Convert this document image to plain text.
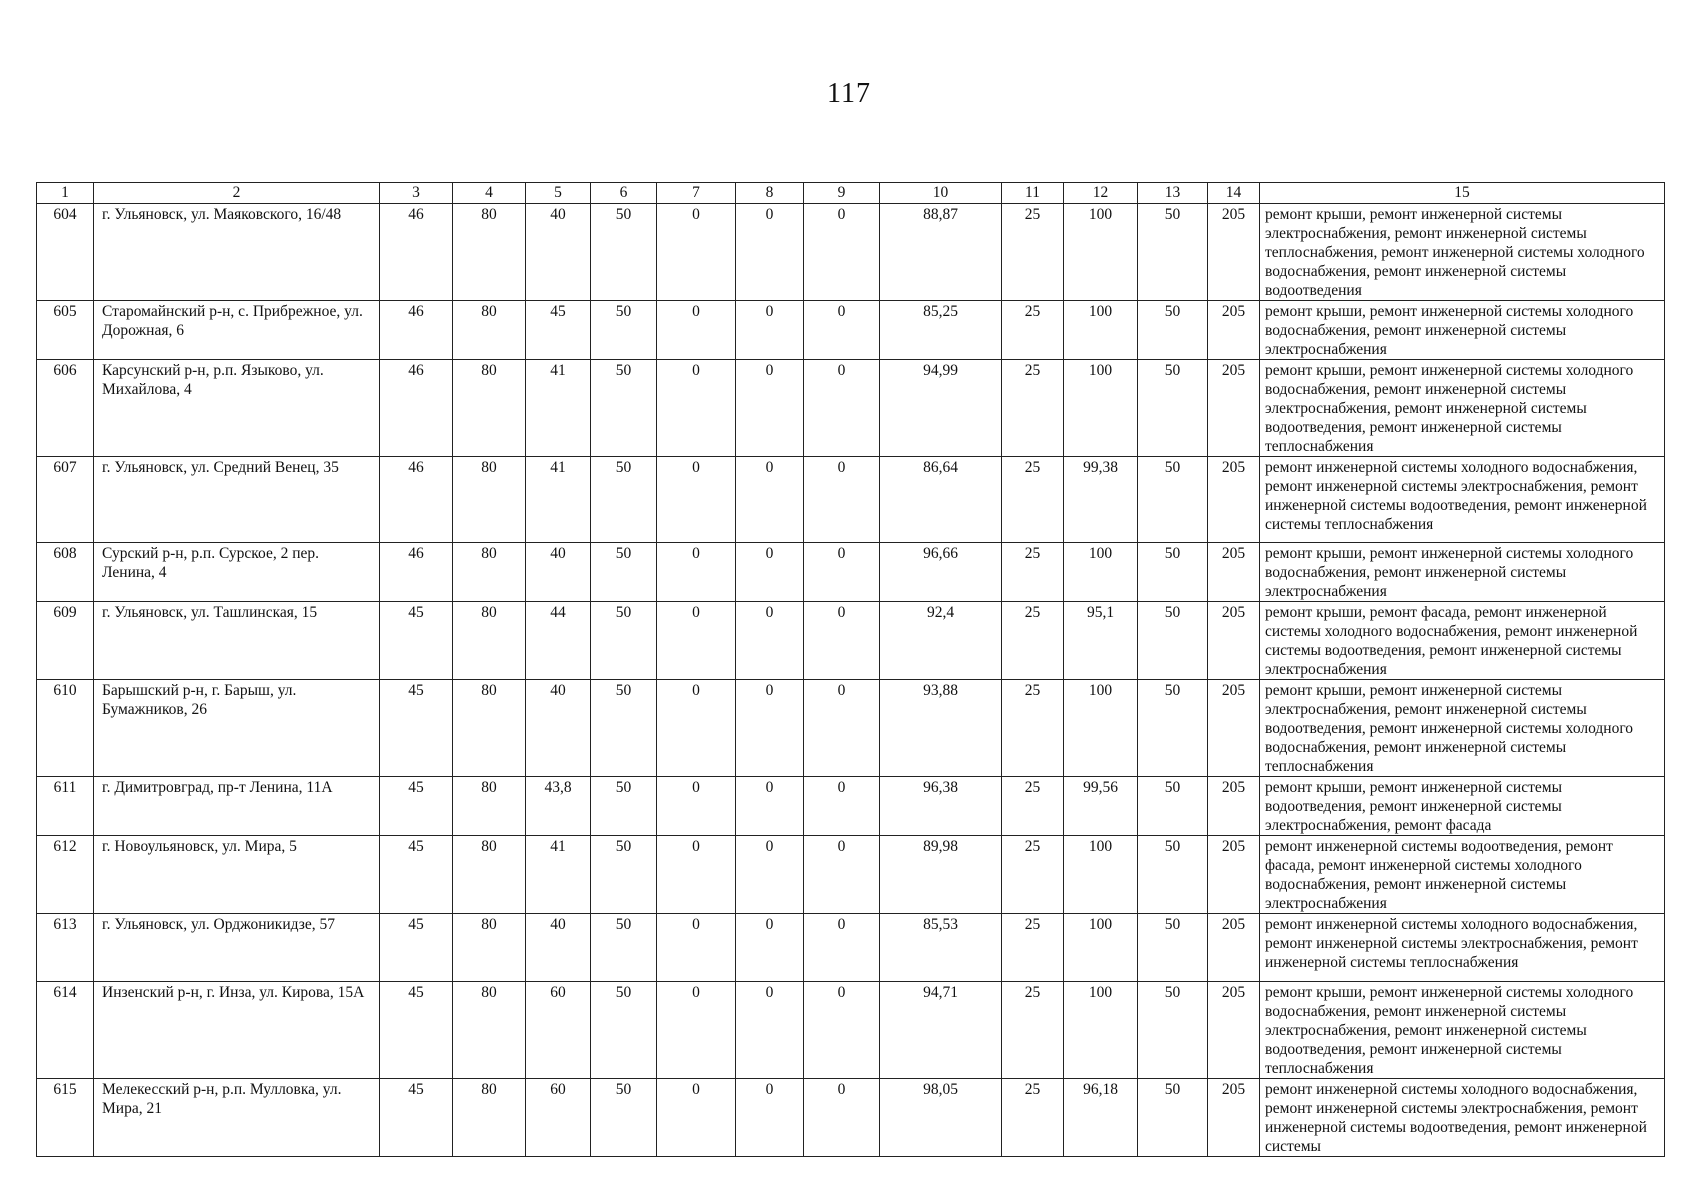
117
1	2	3	4	5	6	7	8	9	10	11	12	13	14	15
604	г. Ульяновск, ул. Маяковского, 16/48	46	80	40	50	0	0	0	88,87	25	100	50	205	ремонт крыши, ремонт инженерной системы электроснабжения, ремонт инженерной системы теплоснабжения, ремонт инженерной системы холодного водоснабжения, ремонт инженерной системы водоотведения
605	Старомайнский р-н, с. Прибрежное, ул. Дорожная, 6	46	80	45	50	0	0	0	85,25	25	100	50	205	ремонт крыши, ремонт инженерной системы холодного водоснабжения, ремонт инженерной системы электроснабжения
606	Карсунский р-н, р.п. Языково, ул. Михайлова, 4	46	80	41	50	0	0	0	94,99	25	100	50	205	ремонт крыши, ремонт инженерной системы холодного водоснабжения, ремонт инженерной системы электроснабжения, ремонт инженерной системы водоотведения, ремонт инженерной системы теплоснабжения
607	г. Ульяновск, ул. Средний Венец, 35	46	80	41	50	0	0	0	86,64	25	99,38	50	205	ремонт инженерной системы холодного водоснабжения, ремонт инженерной системы электроснабжения, ремонт инженерной системы водоотведения, ремонт инженерной системы теплоснабжения
608	Сурский р-н, р.п. Сурское, 2 пер. Ленина, 4	46	80	40	50	0	0	0	96,66	25	100	50	205	ремонт крыши, ремонт инженерной системы холодного водоснабжения, ремонт инженерной системы электроснабжения
609	г. Ульяновск, ул. Ташлинская, 15	45	80	44	50	0	0	0	92,4	25	95,1	50	205	ремонт крыши, ремонт фасада, ремонт инженерной системы холодного водоснабжения, ремонт инженерной системы водоотведения, ремонт инженерной системы электроснабжения
610	Барышский р-н, г. Барыш, ул. Бумажников, 26	45	80	40	50	0	0	0	93,88	25	100	50	205	ремонт крыши, ремонт инженерной системы электроснабжения, ремонт инженерной системы водоотведения, ремонт инженерной системы холодного водоснабжения, ремонт инженерной системы теплоснабжения
611	г. Димитровград, пр-т Ленина, 11А	45	80	43,8	50	0	0	0	96,38	25	99,56	50	205	ремонт крыши, ремонт инженерной системы водоотведения, ремонт инженерной системы электроснабжения, ремонт фасада
612	г. Новоульяновск, ул. Мира, 5	45	80	41	50	0	0	0	89,98	25	100	50	205	ремонт инженерной системы водоотведения, ремонт фасада, ремонт инженерной системы холодного водоснабжения, ремонт инженерной системы электроснабжения
613	г. Ульяновск, ул. Орджоникидзе, 57	45	80	40	50	0	0	0	85,53	25	100	50	205	ремонт инженерной системы холодного водоснабжения, ремонт инженерной системы электроснабжения, ремонт инженерной системы теплоснабжения
614	Инзенский р-н, г. Инза, ул. Кирова, 15А	45	80	60	50	0	0	0	94,71	25	100	50	205	ремонт крыши, ремонт инженерной системы холодного водоснабжения, ремонт инженерной системы электроснабжения, ремонт инженерной системы водоотведения, ремонт инженерной системы теплоснабжения
615	Мелекесский р-н, р.п. Мулловка, ул. Мира, 21	45	80	60	50	0	0	0	98,05	25	96,18	50	205	ремонт инженерной системы холодного водоснабжения, ремонт инженерной системы электроснабжения, ремонт инженерной системы водоотведения, ремонт инженерной системы
